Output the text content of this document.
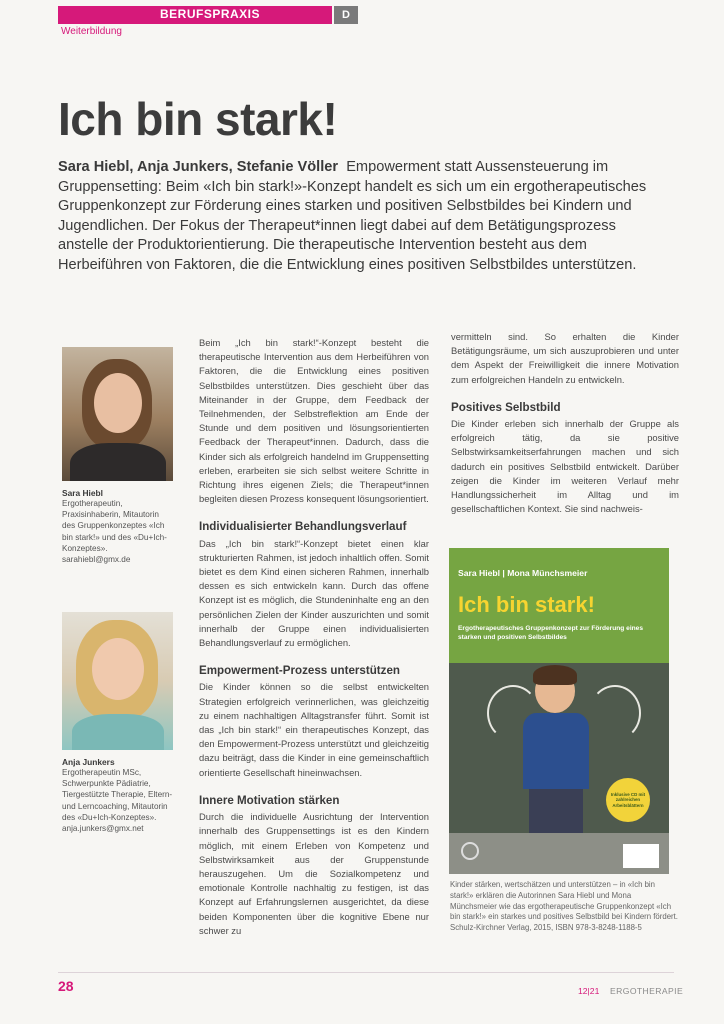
BERUFSPRAXIS	D
Weiterbildung
Ich bin stark!

Sara Hiebl, Anja Junkers, Stefanie Völler Empowerment statt Aussensteuerung im Gruppensetting: Beim «Ich bin stark!»-Konzept handelt es sich um ein ergotherapeutisches Gruppenkonzept zur Förderung eines starken und positiven Selbstbildes bei Kindern und Jugendlichen. Der Fokus der Therapeut*innen liegt dabei auf dem Betätigungsprozess anstelle der Produktorientierung. Die therapeutische Intervention besteht aus dem Herbeiführen von Faktoren, die die Entwicklung eines positiven Selbstbildes unterstützen.

Sara Hiebl
Ergotherapeutin, Praxisinhaberin, Mitautorin des Gruppenkonzeptes «Ich bin stark!» und des «Du+Ich-Konzeptes».
sarahiebl@gmx.de
Anja Junkers
Ergotherapeutin MSc, Schwerpunkte Pädiatrie, Tiergestützte Therapie, Eltern- und Lerncoaching, Mitautorin des «Du+Ich-Konzeptes».
anja.junkers@gmx.net

Beim „Ich bin stark!“-Konzept besteht die therapeutische Intervention aus dem Herbeiführen von Faktoren, die die Entwicklung eines positiven Selbstbildes unterstützen. Dies geschieht über das Miteinander in der Gruppe, dem Feedback der Teilnehmenden, der Selbstreflektion am Ende der Stunde und dem positiven und lösungsorientierten Feedback der Therapeut*innen. Dadurch, dass die Kinder sich als erfolgreich handelnd im Gruppensetting erleben, erarbeiten sie sich selbst weitere Schritte in Richtung ihres eigenen Ziels; die Therapeut*innen begleiten diesen Prozess konsequent lösungsorientiert.

Individualisierter Behandlungsverlauf

Das „Ich bin stark!“-Konzept bietet einen klar strukturierten Rahmen, ist jedoch inhaltlich offen. Somit bietet es dem Kind einen sicheren Rahmen, innerhalb dessen es sich entwickeln kann. Durch das offene Konzept ist es möglich, die Stundeninhalte eng an den persönlichen Zielen der Kinder auszurichten und somit innerhalb der Gruppe einen individualisierten Behandlungsverlauf zu ermöglichen.

Empowerment-Prozess unterstützen

Die Kinder können so die selbst entwickelten Strategien erfolgreich verinnerlichen, was gleichzeitig zu einem nachhaltigen Alltagstransfer führt. Somit ist das „Ich bin stark!“ ein therapeutisches Konzept, das den Empowerment-Prozess unterstützt und gleichzeitig dazu beiträgt, dass die Kinder in eine gemeinschaftlich orientierte Gesellschaft hineinwachsen.

Innere Motivation stärken

Durch die individuelle Ausrichtung der Intervention innerhalb des Gruppensettings ist es den Kindern möglich, mit einem Erleben von Kompetenz und Selbstwirksamkeit aus der Gruppenstunde herauszugehen. Um die Sozialkompetenz und emotionale Kontrolle nachhaltig zu festigen, ist das Konzept auf Erfahrungslernen ausgerichtet, da diese beiden Komponenten über die kognitive Ebene nur schwer zu

vermitteln sind. So erhalten die Kinder Betätigungsräume, um sich auszuprobieren und unter dem Aspekt der Freiwilligkeit die innere Motivation zum erfolgreichen Handeln zu entwickeln.

Positives Selbstbild

Die Kinder erleben sich innerhalb der Gruppe als erfolgreich tätig, da sie positive Selbstwirksamkeitserfahrungen machen und sich dadurch ein positives Selbstbild entwickelt. Darüber zeigen die Kinder im weiteren Verlauf mehr Handlungssicherheit im Alltag und im gesellschaftlichen Kontext. Sie sind nachweis-

Sara Hiebl | Mona Münchsmeier
Ich bin stark!
Ergotherapeutisches Gruppenkonzept zur Förderung eines starken und positiven Selbstbildes
Inklusive CD mit zahlreichen Arbeitsblättern
Kinder stärken, wertschätzen und unterstützen – in «Ich bin stark!» erklären die Autorinnen Sara Hiebl und Mona Münchsmeier wie das ergotherapeutische Gruppenkonzept «Ich bin stark!» ein starkes und positives Selbstbild bei Kindern fördert. Schulz-Kirchner Verlag, 2015, ISBN 978-3-8248-1188-5
28	12|21 ERGOTHERAPIE
